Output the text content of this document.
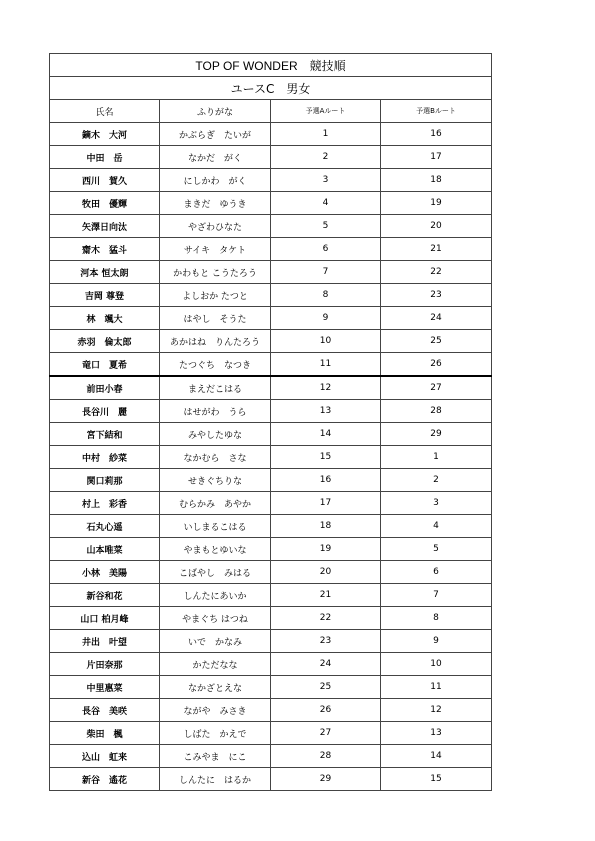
TOP OF WONDER　競技順			
ユースC　男女			
氏名	ふりがな	予選Aルート	予選Bルート
鏑木　大河	かぶらぎ　たいが	1	16
中田　岳	なかだ　がく	2	17
西川　賀久	にしかわ　がく	3	18
牧田　優輝	まきだ　ゆうき	4	19
矢澤日向汰	やざわひなた	5	20
齋木　猛斗	サイキ　タケト	6	21
河本 恒太朗	かわもと こうたろう	7	22
吉岡 尊登	よしおか たつと	8	23
林　颯大	はやし　そうた	9	24
赤羽　倫太郎	あかはね　りんたろう	10	25
竜口　夏希	たつぐち　なつき	11	26
前田小春	まえだこはる	12	27
長谷川　麗	はせがわ　うら	13	28
宮下結和	みやしたゆな	14	29
中村　紗菜	なかむら　さな	15	1
関口莉那	せきぐちりな	16	2
村上　彩香	むらかみ　あやか	17	3
石丸心遥	いしまるこはる	18	4
山本唯菜	やまもとゆいな	19	5
小林　美陽	こばやし　みはる	20	6
新谷和花	しんたにあいか	21	7
山口 柏月峰	やまぐち はつね	22	8
井出　叶望	いで　かなみ	23	9
片田奈那	かただなな	24	10
中里惠菜	なかざとえな	25	11
長谷　美咲	ながや　みさき	26	12
柴田　楓	しばた　かえで	27	13
込山　虹来	こみやま　にこ	28	14
新谷　遙花	しんたに　はるか	29	15
